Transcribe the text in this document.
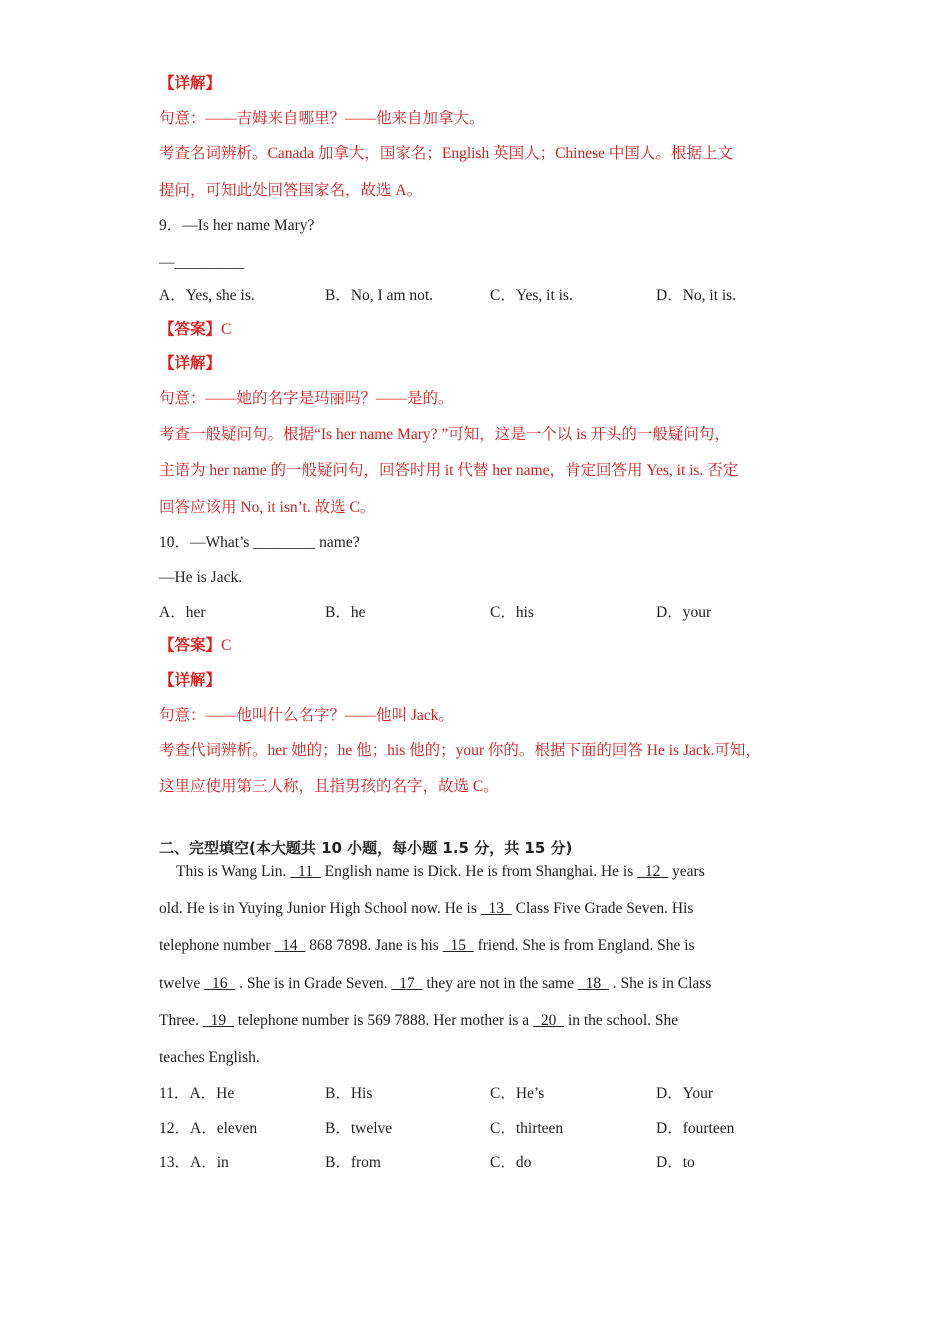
【详解】
句意：——吉姆来自哪里？——他来自加拿大。
考查名词辨析。Canada 加拿大，国家名；English 英国人；Chinese 中国人。根据上文
提问，可知此处回答国家名，故选 A。
9．—Is her name Mary?
—_________
A．Yes, she is.	B．No, I am not.	C．Yes, it is.	D．No, it is.
【答案】C
【详解】
句意：——她的名字是玛丽吗？——是的。
考查一般疑问句。根据“Is her name Mary? ”可知，这是一个以 is 开头的一般疑问句，
主语为 her name 的一般疑问句，回答时用 it 代替 her name，肯定回答用 Yes, it is. 否定
回答应该用 No, it isn’t. 故选 C。
10．—What’s ________ name?
—He is Jack.
A．her	B．he	C．his	D．your
【答案】C
【详解】
句意：——他叫什么名字？——他叫 Jack。
考查代词辨析。her 她的；he 他；his 他的；your 你的。根据下面的回答 He is Jack.可知，
这里应使用第三人称，且指男孩的名字，故选 C。
二、完型填空(本大题共 10 小题，每小题 1.5 分，共 15 分)
This is Wang Lin.   11   English name is Dick. He is from Shanghai. He is   12   years
old. He is in Yuying Junior High School now. He is   13   Class Five Grade Seven. His
telephone number   14   868 7898. Jane is his   15   friend. She is from England. She is
twelve   16   . She is in Grade Seven.   17   they are not in the same   18   . She is in Class
Three.   19   telephone number is 569 7888. Her mother is a   20   in the school. She
teaches English.
11．A．He	B．His	C．He’s	D．Your
12．A．eleven	B．twelve	C．thirteen	D．fourteen
13．A．in	B．from	C．do	D．to
